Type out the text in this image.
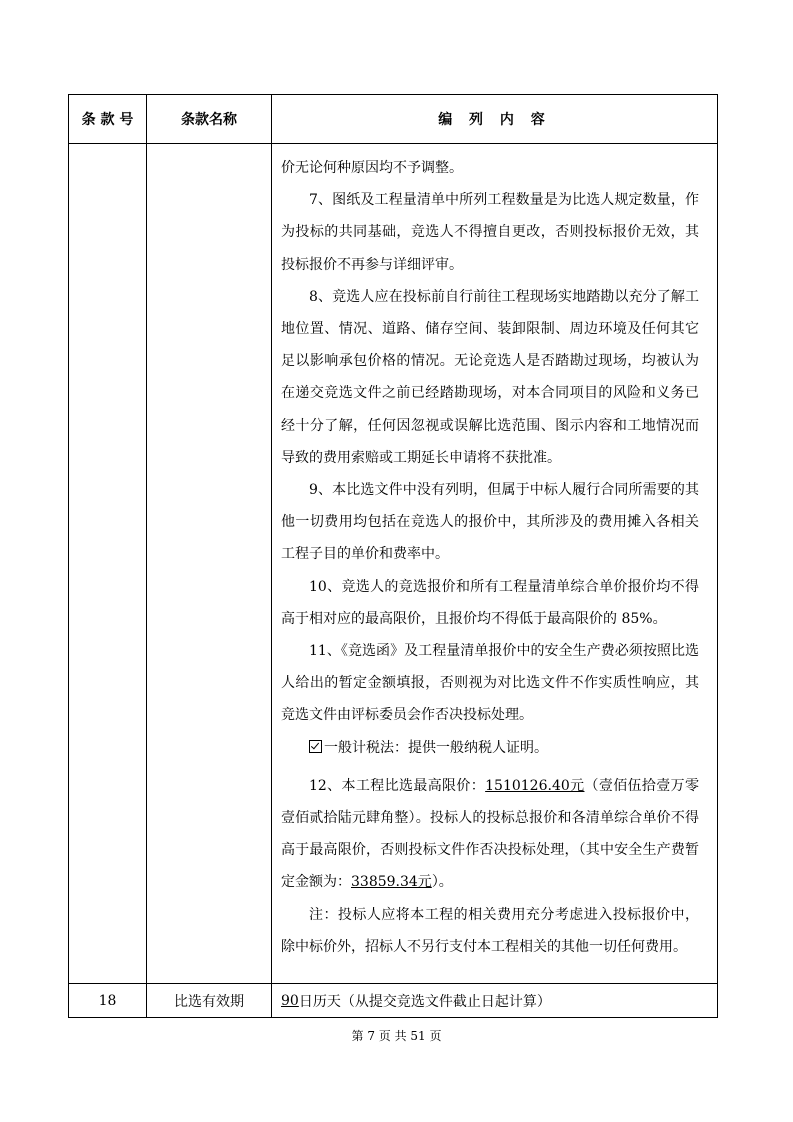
条 款 号	条款名称	编 列 内 容

价无论何种原因均不予调整。

7、图纸及工程量清单中所列工程数量是为比选人规定数量，作为投标的共同基础，竞选人不得擅自更改，否则投标报价无效，其投标报价不再参与详细评审。

8、竞选人应在投标前自行前往工程现场实地踏勘以充分了解工地位置、情况、道路、储存空间、装卸限制、周边环境及任何其它足以影响承包价格的情况。无论竞选人是否踏勘过现场，均被认为在递交竞选文件之前已经踏勘现场，对本合同项目的风险和义务已经十分了解，任何因忽视或误解比选范围、图示内容和工地情况而导致的费用索赔或工期延长申请将不获批准。

9、本比选文件中没有列明，但属于中标人履行合同所需要的其他一切费用均包括在竞选人的报价中，其所涉及的费用摊入各相关工程子目的单价和费率中。

10、竞选人的竞选报价和所有工程量清单综合单价报价均不得高于相对应的最高限价，且报价均不得低于最高限价的 85%。

11、《竞选函》及工程量清单报价中的安全生产费必须按照比选人给出的暂定金额填报，否则视为对比选文件不作实质性响应，其竞选文件由评标委员会作否决投标处理。

一般计税法：提供一般纳税人证明。

12、本工程比选最高限价：1510126.40元（壹佰伍拾壹万零壹佰贰拾陆元肆角整）。投标人的投标总报价和各清单综合单价不得高于最高限价，否则投标文件作否决投标处理，（其中安全生产费暂定金额为：33859.34元）。

注：投标人应将本工程的相关费用充分考虑进入投标报价中，除中标价外，招标人不另行支付本工程相关的其他一切任何费用。

18	比选有效期	90 日历天（从提交竞选文件截止日起计算）
第 7 页 共 51 页
